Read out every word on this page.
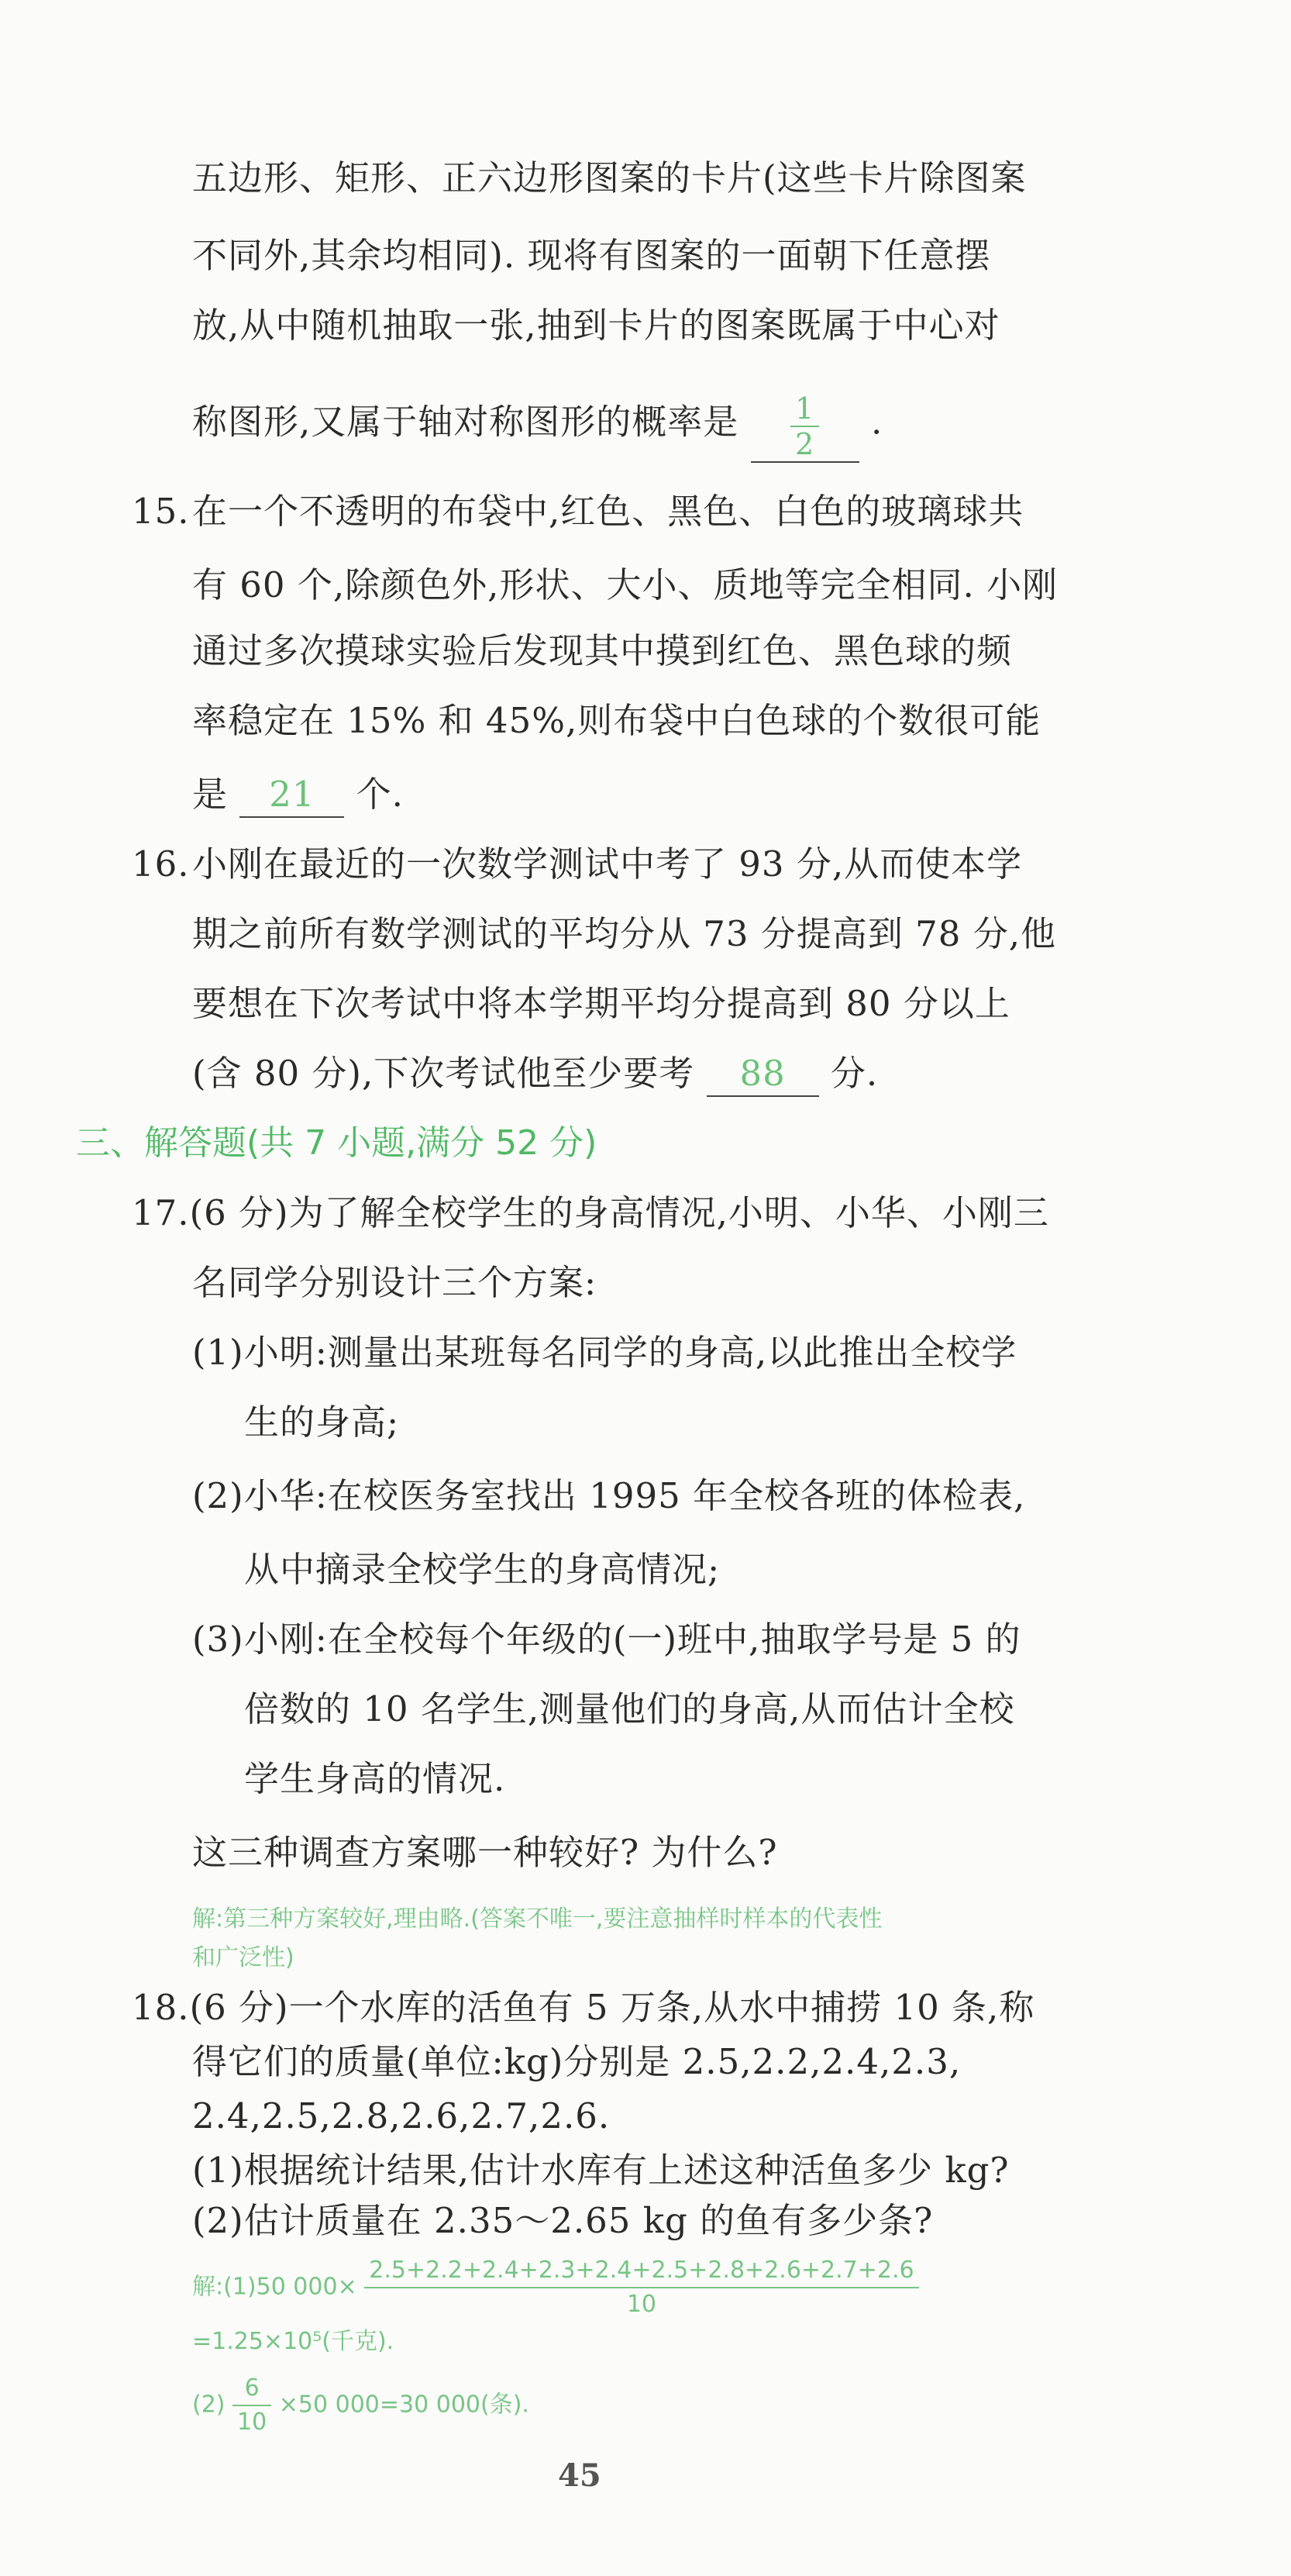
五边形、矩形、正六边形图案的卡片(这些卡片除图案
不同外,其余均相同). 现将有图案的一面朝下任意摆
放,从中随机抽取一张,抽到卡片的图案既属于中心对
称图形,又属于轴对称图形的概率是 $\frac{1}{2}$ .
15.在一个不透明的布袋中,红色、黑色、白色的玻璃球共
有 60 个,除颜色外,形状、大小、质地等完全相同. 小刚
通过多次摸球实验后发现其中摸到红色、黑色球的频
率稳定在 15% 和 45%,则布袋中白色球的个数很可能
是 21 个.
16.小刚在最近的一次数学测试中考了 93 分,从而使本学
期之前所有数学测试的平均分从 73 分提高到 78 分,他
要想在下次考试中将本学期平均分提高到 80 分以上
(含 80 分),下次考试他至少要考 88 分.
三、解答题(共 7 小题,满分 52 分)
17.(6 分)为了解全校学生的身高情况,小明、小华、小刚三
名同学分别设计三个方案:
(1)小明:测量出某班每名同学的身高,以此推出全校学
生的身高;
(2)小华:在校医务室找出 1995 年全校各班的体检表,
从中摘录全校学生的身高情况;
(3)小刚:在全校每个年级的(一)班中,抽取学号是 5 的
倍数的 10 名学生,测量他们的身高,从而估计全校
学生身高的情况.
这三种调查方案哪一种较好? 为什么?
解:第三种方案较好,理由略.(答案不唯一,要注意抽样时样本的代表性
和广泛性)
18.(6 分)一个水库的活鱼有 5 万条,从水中捕捞 10 条,称
得它们的质量(单位:kg)分别是 2.5,2.2,2.4,2.3,
2.4,2.5,2.8,2.6,2.7,2.6.
(1)根据统计结果,估计水库有上述这种活鱼多少 kg?
(2)估计质量在 2.35～2.65 kg 的鱼有多少条?
解:(1)50 $000\times \frac{2.5+2.2+2.4+2.3+2.4+2.5+2.8+2.6+2.7+2.6}{10}$
=1.25×10⁵(千克).
$(2) \frac{6}{10} \times 50$ 000=30 000(条).
45
